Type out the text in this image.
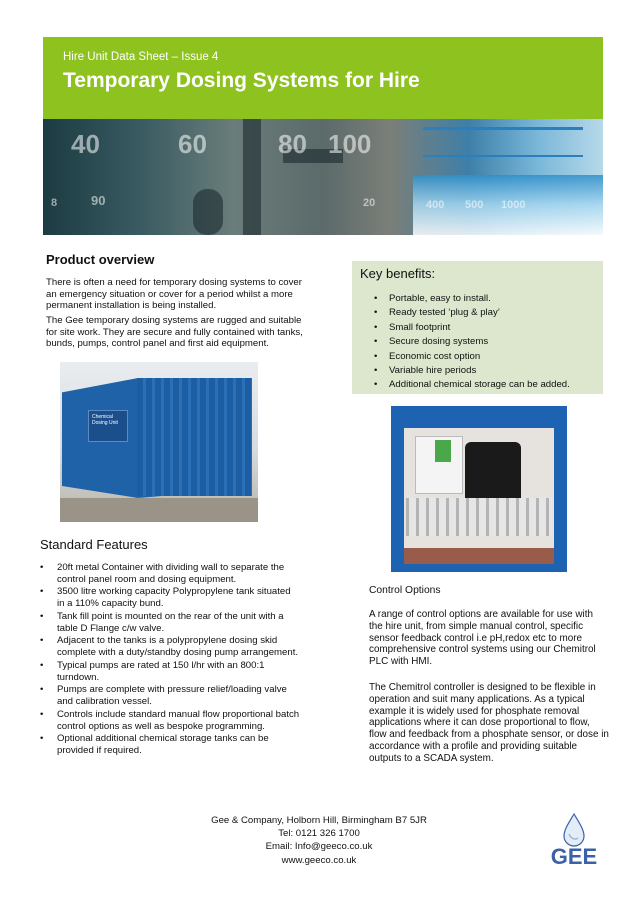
Hire Unit Data Sheet – Issue 4
Temporary Dosing Systems for Hire
40	60	80 100
90	20	400 500 1000
8
Product overview
There is often a need for temporary dosing systems to cover an emergency situation or cover for a period whilst a more permanent installation is being installed.
The Gee temporary dosing systems are rugged and suitable for site work. They are secure and fully contained with tanks, bunds, pumps, control panel and first aid equipment.
Key benefits:
• Portable, easy to install.
• Ready tested ‘plug & play’
• Small footprint
• Secure dosing systems
• Economic cost option
• Variable hire periods
• Additional chemical storage can be added.
Chemical Dosing Unit
Standard Features
• 20ft metal Container with dividing wall to separate the control panel room and dosing equipment.
• 3500 litre working capacity Polypropylene tank situated in a 110% capacity bund.
• Tank fill point is mounted on the rear of the unit with a table D Flange c/w valve.
• Adjacent to the tanks is a polypropylene dosing skid complete with a duty/standby dosing pump arrangement.
• Typical pumps are rated at 150 l/hr with an 800:1 turndown.
• Pumps are complete with pressure relief/loading valve and calibration vessel.
• Controls include standard manual flow proportional batch control options as well as bespoke programming.
• Optional additional chemical storage tanks can be provided if required.
Control Options
A range of control options are available for use with the hire unit, from simple manual control, specific sensor feedback control i.e pH,redox etc to more comprehensive control systems using our Chemitrol PLC with HMI.
The Chemitrol controller is designed to be flexible in operation and suit many applications. As a typical example it is widely used for phosphate removal applications where it can dose proportional to flow, flow and feedback from a phosphate sensor, or dose in accordance with a profile and providing suitable outputs to a SCADA system.
Gee & Company, Holborn Hill, Birmingham B7 5JR
Tel: 0121 326 1700
Email: Info@geeco.co.uk
www.geeco.co.uk	GEE
